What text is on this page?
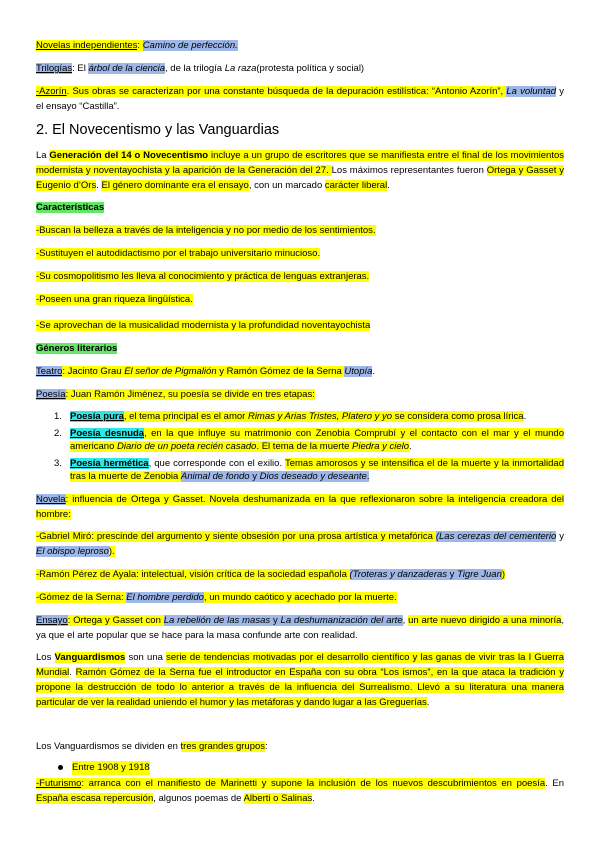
2. El Novecentismo y las Vanguardias

Novelas independientes: Camino de perfección.

Trilogías: El árbol de la ciencia, de la trilogía La raza(protesta política y social)

-Azorín. Sus obras se caracterizan por una constante búsqueda de la depuración estilística: “Antonio Azorín”, La voluntad y el ensayo “Castilla”.

La Generación del 14 o Novecentismo incluye a un grupo de escritores que se manifiesta entre el final de los movimientos modernista y noventayochista y la aparición de la Generación del 27. Los máximos representantes fueron Ortega y Gasset y Eugenio d’Ors. El género dominante era el ensayo, con un marcado carácter liberal.

Características

-Buscan la belleza a través de la inteligencia y no por medio de los sentimientos.

-Sustituyen el autodidactismo por el trabajo universitario minucioso.

-Su cosmopolitismo les lleva al conocimiento y práctica de lenguas extranjeras.

-Poseen una gran riqueza lingüística.

-Se aprovechan de la musicalidad modernista y la profundidad noventayochista

Géneros literarios

Teatro: Jacinto Grau El señor de Pigmalión y Ramón Gómez de la Serna Utopía.

Poesía: Juan Ramón Jiménez, su poesía se divide en tres etapas:

Novela: influencia de Ortega y Gasset. Novela deshumanizada en la que reflexionaron sobre la inteligencia creadora del hombre:

-Gabriel Miró: prescinde del argumento y siente obsesión por una prosa artística y metafórica (Las cerezas del cementerio y El obispo leproso).

-Ramón Pérez de Ayala: intelectual, visión crítica de la sociedad española (Troteras y danzaderas y Tigre Juan)

-Gómez de la Serna: El hombre perdido, un mundo caótico y acechado por la muerte.

Ensayo: Ortega y Gasset con La rebelión de las masas y La deshumanización del arte, un arte nuevo dirigido a una minoría, ya que el arte popular que se hace para la masa confunde arte con realidad.

Los Vanguardismos son una serie de tendencias motivadas por el desarrollo científico y las ganas de vivir tras la I Guerra Mundial. Ramón Gómez de la Serna fue el introductor en España con su obra “Los ismos”, en la que ataca la tradición y propone la destrucción de todo lo anterior a través de la influencia del Surrealismo. Llevó a su literatura una manera particular de ver la realidad uniendo el humor y las metáforas y dando lugar a las Greguerías.

Los Vanguardismos se dividen en tres grandes grupos:

-Futurismo: arranca con el manifiesto de Marinetti y supone la inclusión de los nuevos descubrimientos en poesía. En España escasa repercusión, algunos poemas de Alberti o Salinas.

1. Poesía pura, el tema principal es el amor Rimas y Arias Tristes, Platero y yo se considera como prosa lírica.
2. Poesía desnuda, en la que influye su matrimonio con Zenobia Comprubí y el contacto con el mar y el mundo americano Diario de un poeta recién casado. El tema de la muerte Piedra y cielo.
3. Poesía hermética, que corresponde con el exilio. Temas amorosos y se intensifica el de la muerte y la inmortalidad tras la muerte de Zenobia Animal de fondo y Dios deseado y deseante.
Entre 1908 y 1918
